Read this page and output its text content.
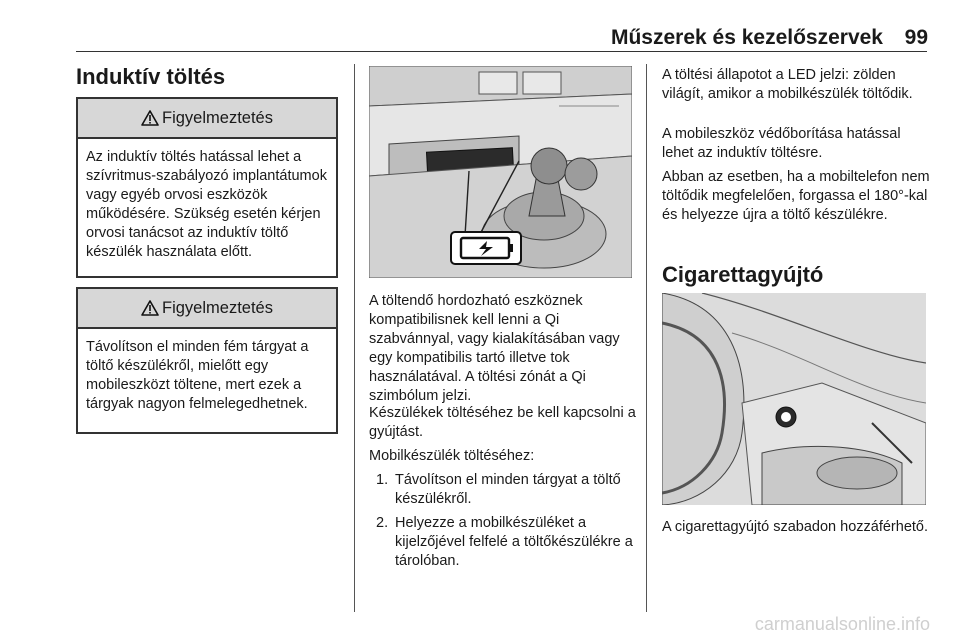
Műszerek és kezelőszervek	99
Induktív töltés
Figyelmeztetés
Az induktív töltés hatással lehet a szívritmus-szabályozó implantátumok vagy egyéb orvosi eszközök működésére. Szükség esetén kérjen orvosi tanácsot az induktív töltő készülék használata előtt.
Figyelmeztetés
Távolítson el minden fém tárgyat a töltő készülékről, mielőtt egy mobileszközt töltene, mert ezek a tárgyak nagyon felmelegedhetnek.

A töltendő hordozható eszköznek kompatibilisnek kell lenni a Qi szabvánnyal, vagy kialakításában vagy egy kompatibilis tartó illetve tok használatával. A töltési zónát a Qi szimbólum jelzi.

Készülékek töltéséhez be kell kapcsolni a gyújtást.

Mobilkészülék töltéséhez:

1. Távolítson el minden tárgyat a töltő készülékről.

2. Helyezze a mobilkészüléket a kijelzőjével felfelé a töltőkészülékre a tárolóban.

A töltési állapotot a LED jelzi: zölden világít, amikor a mobilkészülék töltődik.

A mobileszköz védőborítása hatással lehet az induktív töltésre.

Abban az esetben, ha a mobiltelefon nem töltődik megfelelően, forgassa el 180°-kal és helyezze újra a töltő készülékre.

Cigarettagyújtó

A cigarettagyújtó szabadon hozzáférhető.

carmanualsonline.info
